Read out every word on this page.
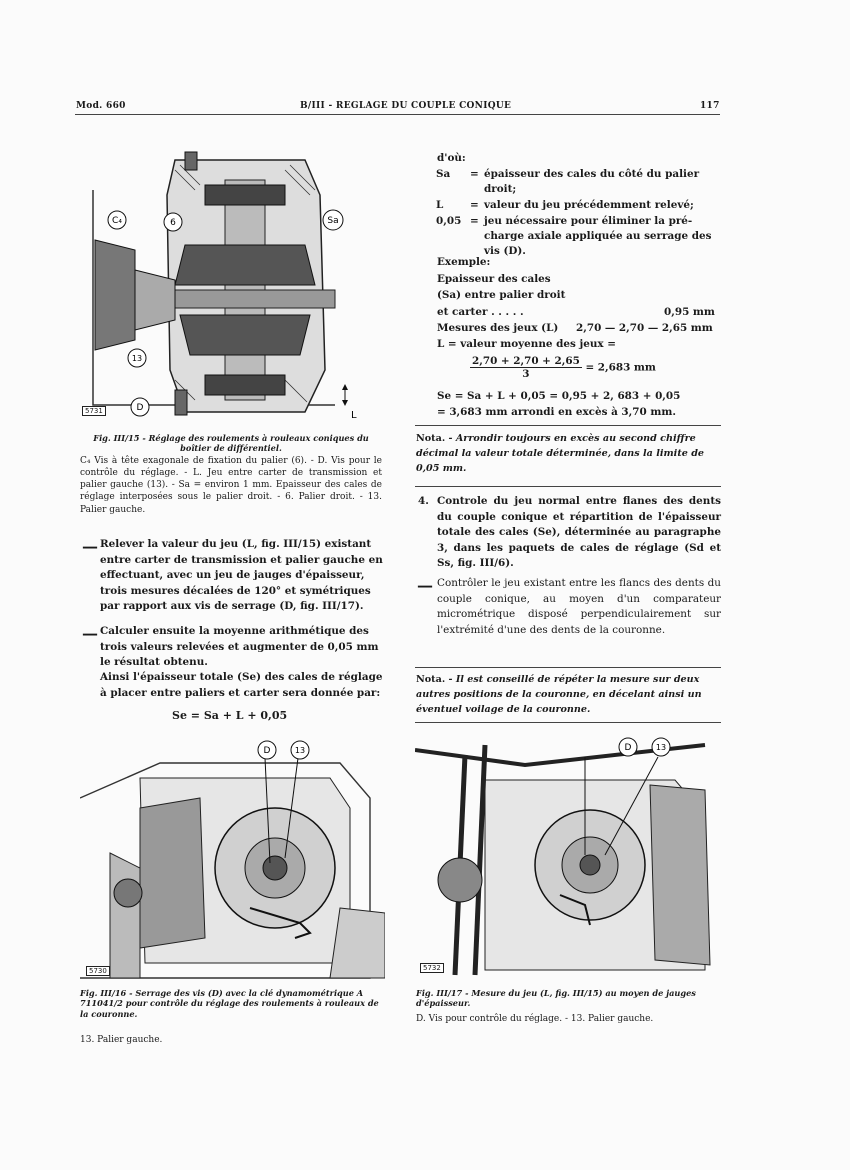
Mod. 660	B/III - REGLAGE DU COUPLE CONIQUE	117
C₄	6	Sa
13
D
L
5731
Fig. III/15 - Réglage des roulements à rouleaux coniques du boîtier de différentiel.
C₄ Vis à tête exagonale de fixation du palier (6). - D. Vis pour le contrôle du réglage. - L. Jeu entre carter de transmission et palier gauche (13). - Sa = environ 1 mm. Epaisseur des cales de réglage interposées sous le palier droit. - 6. Palier droit. - 13. Palier gauche.
— Relever la valeur du jeu (L, fig. III/15) existant entre carter de transmission et palier gauche en effectuant, avec un jeu de jauges d'épaisseur, trois mesures décalées de 120° et symétriques par rapport aux vis de serrage (D, fig. III/17).
— Calculer ensuite la moyenne arithmétique des trois valeurs relevées et augmenter de 0,05 mm le résultat obtenu.
Ainsi l'épaisseur totale (Se) des cales de réglage à placer entre paliers et carter sera donnée par:
Se = Sa + L + 0,05
d'où:
Sa	=	épaisseur des cales du côté du palier droit;
L	=	valeur du jeu précédemment relevé;
0,05	=	jeu nécessaire pour éliminer la pré-charge axiale appliquée au serrage des vis (D).
Exemple:
Epaisseur des cales
(Sa) entre palier droit
et carter . . . . .	0,95 mm
Mesures des jeux (L) 2,70 — 2,70 — 2,65 mm
L = valeur moyenne des jeux =
$\frac{2,70 + 2,70 + 2,65}{3} = 2,683$ mm
Se = Sa + L + 0,05 = 0,95 + 2, 683 + 0,05
= 3,683 mm arrondi en excès à 3,70 mm.
Nota. - Arrondir toujours en excès au second chiffre décimal la valeur totale déterminée, dans la limite de 0,05 mm.
4. Controle du jeu normal entre flanes des dents du couple conique et répartition de l'épaisseur totale des cales (Se), déterminée au paragraphe 3, dans les paquets de cales de réglage (Sd et Ss, fig. III/6).
— Contrôler le jeu existant entre les flancs des dents du couple conique, au moyen d'un comparateur micrométrique disposé perpendiculairement sur l'extrémité d'une des dents de la couronne.
Nota. - Il est conseillé de répéter la mesure sur deux autres positions de la couronne, en décelant ainsi un éventuel voilage de la couronne.
D	13
5730
Fig. III/16 - Serrage des vis (D) avec la clé dynamométrique A 711041/2 pour contrôle du réglage des roulements à rouleaux de la couronne.
13. Palier gauche.
D	13
5732
Fig. III/17 - Mesure du jeu (L, fig. III/15) au moyen de jauges d'épaisseur.
D. Vis pour contrôle du réglage. - 13. Palier gauche.
